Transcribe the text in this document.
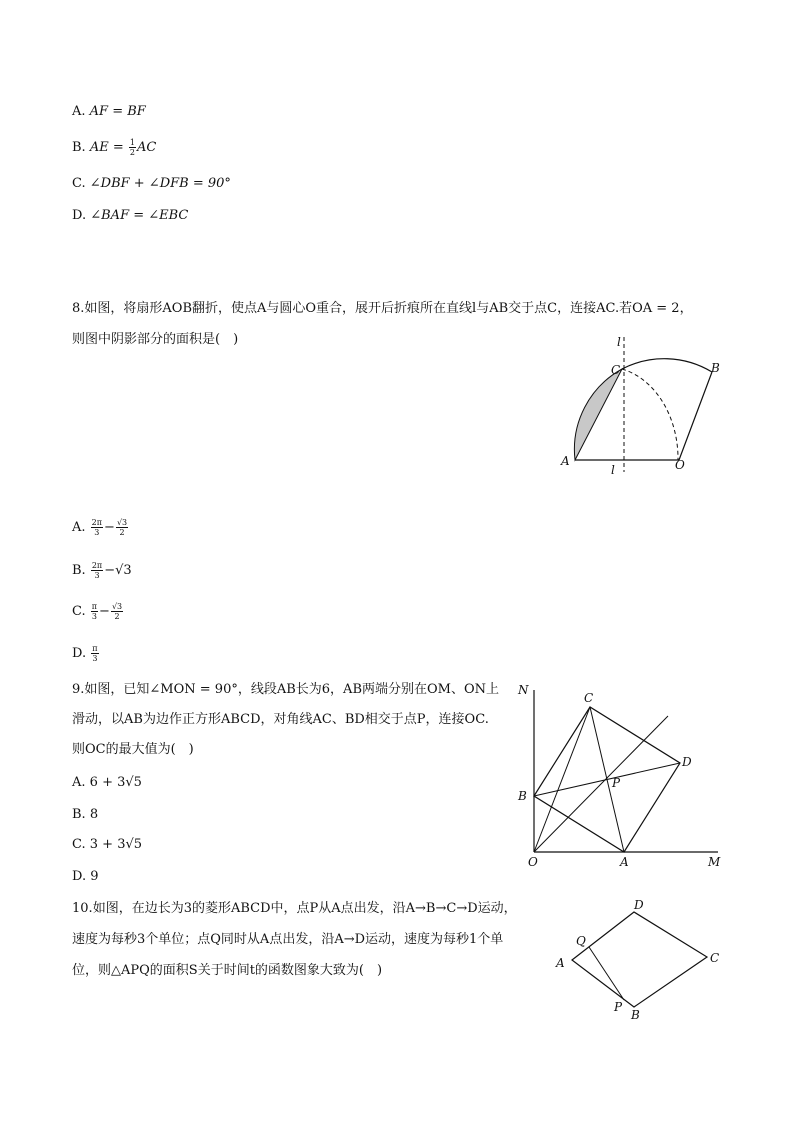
A. AF = BF
B. AE = $\frac{1}{2}$ AC
C. ∠DBF + ∠DFB = 90°
D. ∠BAF = ∠EBC
8.如图，将扇形AOB翻折，使点A与圆心O重合，展开后折痕所在直线l与AB交于点C，连接AC.若OA = 2，
则图中阴影部分的面积是(　)	l
C	B
A
l	O
A. $\frac{2\pi}{3} - \frac{√3}{2}$
B. $\frac{2\pi}{3} -√3$
C. $\frac{\pi}{3} - \frac{√3}{2}$
D. $\frac{\pi}{3}$
9.如图，已知∠MON = 90°，线段AB长为6，AB两端分别在OM、ON上
滑动，以AB为边作正方形ABCD，对角线AC、BD相交于点P，连接OC.
则OC的最大值为(　)
N
C
D
B
P
O	A	M
A. 6 + 3√5
B. 8
C. 3 + 3√5
D. 9
10.如图，在边长为3的菱形ABCD中，点P从A点出发，沿A→B→C→D运动，
速度为每秒3个单位；点Q同时从A点出发，沿A→D运动，速度为每秒1个单
位，则△APQ的面积S关于时间t的函数图象大致为(　)
D
Q
A	C
P
B
